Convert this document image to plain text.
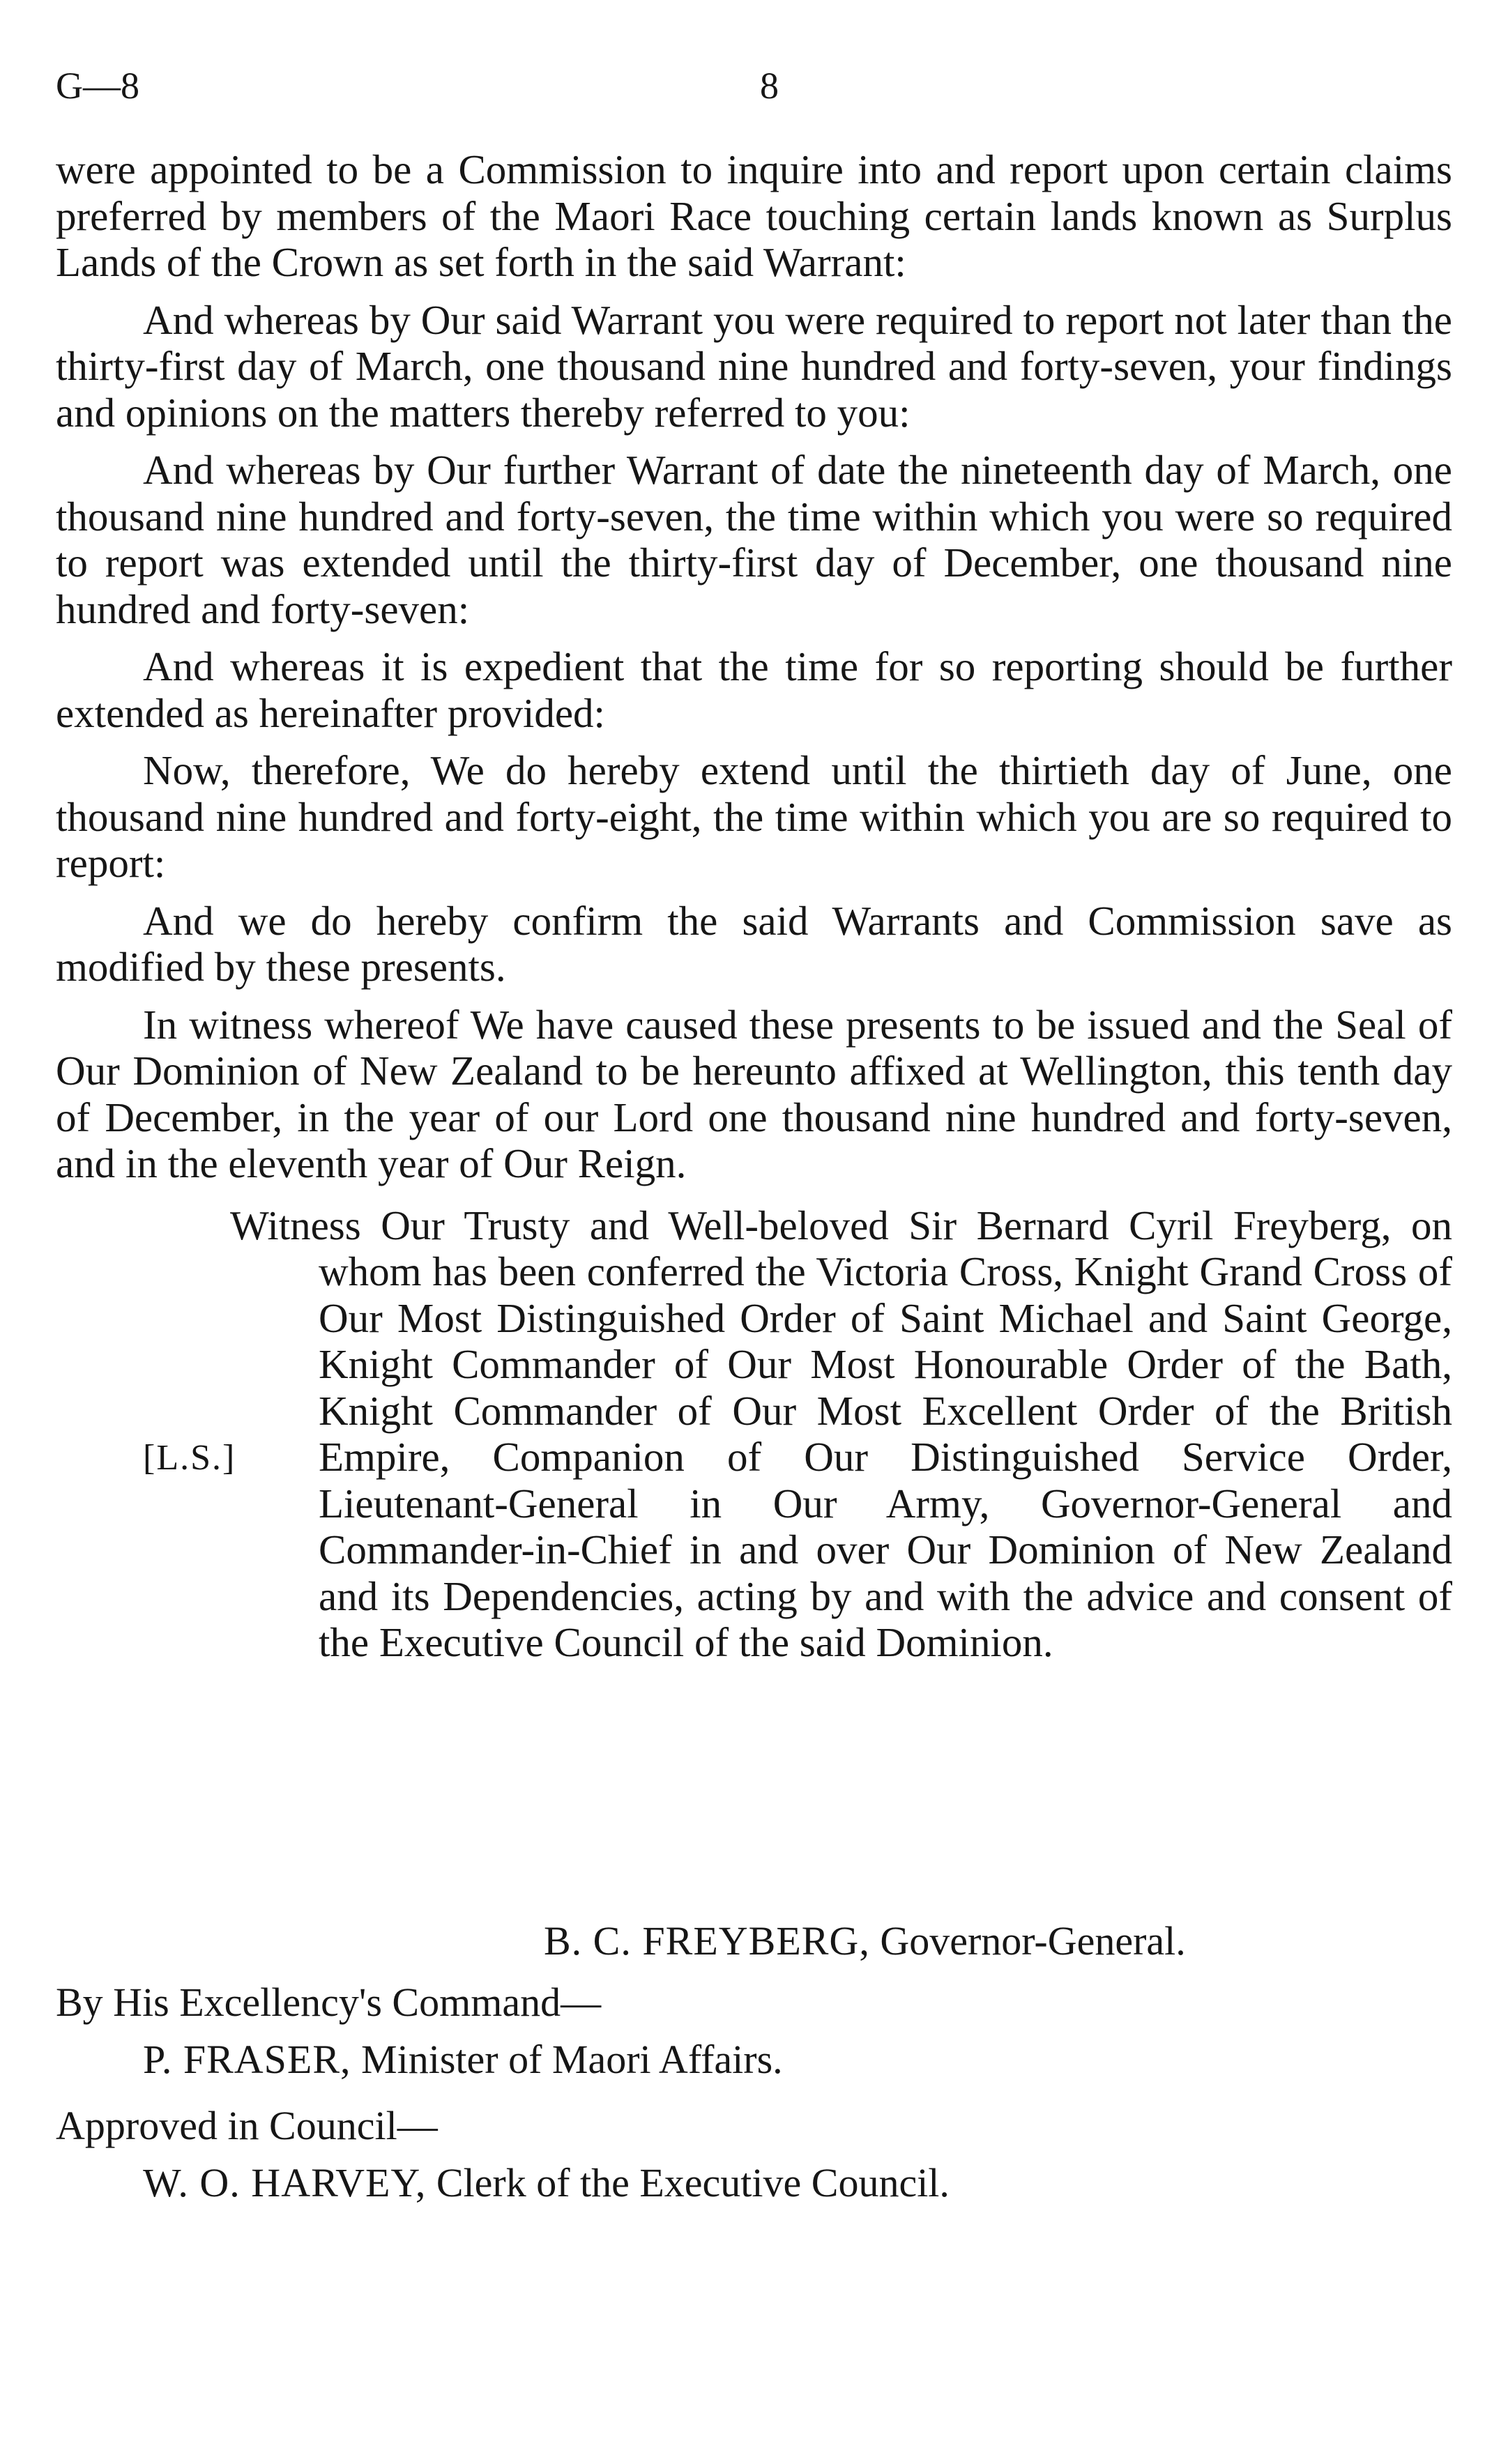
G—8	8

were appointed to be a Commission to inquire into and report upon certain claims preferred by members of the Maori Race touching certain lands known as Surplus Lands of the Crown as set forth in the said Warrant:

And whereas by Our said Warrant you were required to report not later than the thirty-first day of March, one thousand nine hundred and forty-seven, your findings and opinions on the matters thereby referred to you:

And whereas by Our further Warrant of date the nineteenth day of March, one thousand nine hundred and forty-seven, the time within which you were so required to report was extended until the thirty-first day of December, one thousand nine hundred and forty-seven:

And whereas it is expedient that the time for so reporting should be further extended as hereinafter provided:

Now, therefore, We do hereby extend until the thirtieth day of June, one thousand nine hundred and forty-eight, the time within which you are so required to report:

And we do hereby confirm the said Warrants and Commission save as modified by these presents.

In witness whereof We have caused these presents to be issued and the Seal of Our Dominion of New Zealand to be hereunto affixed at Wellington, this tenth day of December, in the year of our Lord one thousand nine hundred and forty-seven, and in the eleventh year of Our Reign.

[L.S.]
Witness Our Trusty and Well-beloved Sir Bernard Cyril Freyberg, on whom has been conferred the Victoria Cross, Knight Grand Cross of Our Most Distinguished Order of Saint Michael and Saint George, Knight Commander of Our Most Honourable Order of the Bath, Knight Commander of Our Most Excellent Order of the British Empire, Companion of Our Distinguished Service Order, Lieutenant-General in Our Army, Governor-General and Commander-in-Chief in and over Our Dominion of New Zealand and its Dependencies, acting by and with the advice and consent of the Executive Council of the said Dominion.
B. C. FREYBERG, Governor-General.
By His Excellency's Command—
P. FRASER, Minister of Maori Affairs.
Approved in Council—
W. O. HARVEY, Clerk of the Executive Council.
